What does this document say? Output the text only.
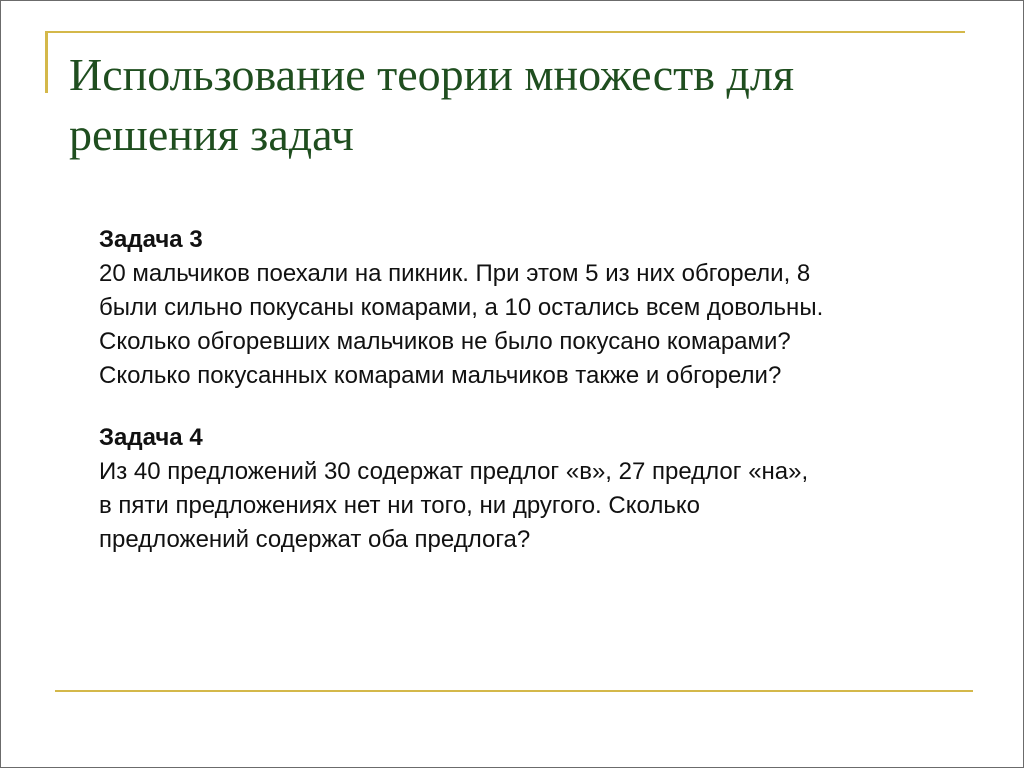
Использование теории множеств для
решения задач
Задача 3
20 мальчиков поехали на пикник. При этом 5 из них обгорели, 8
были сильно покусаны комарами, а 10 остались всем довольны.
Сколько обгоревших мальчиков не было покусано комарами?
Сколько покусанных комарами мальчиков также и обгорели?
Задача 4
Из 40 предложений 30 содержат предлог «в», 27 предлог «на»,
в пяти предложениях нет ни того, ни другого. Сколько
предложений содержат оба предлога?
